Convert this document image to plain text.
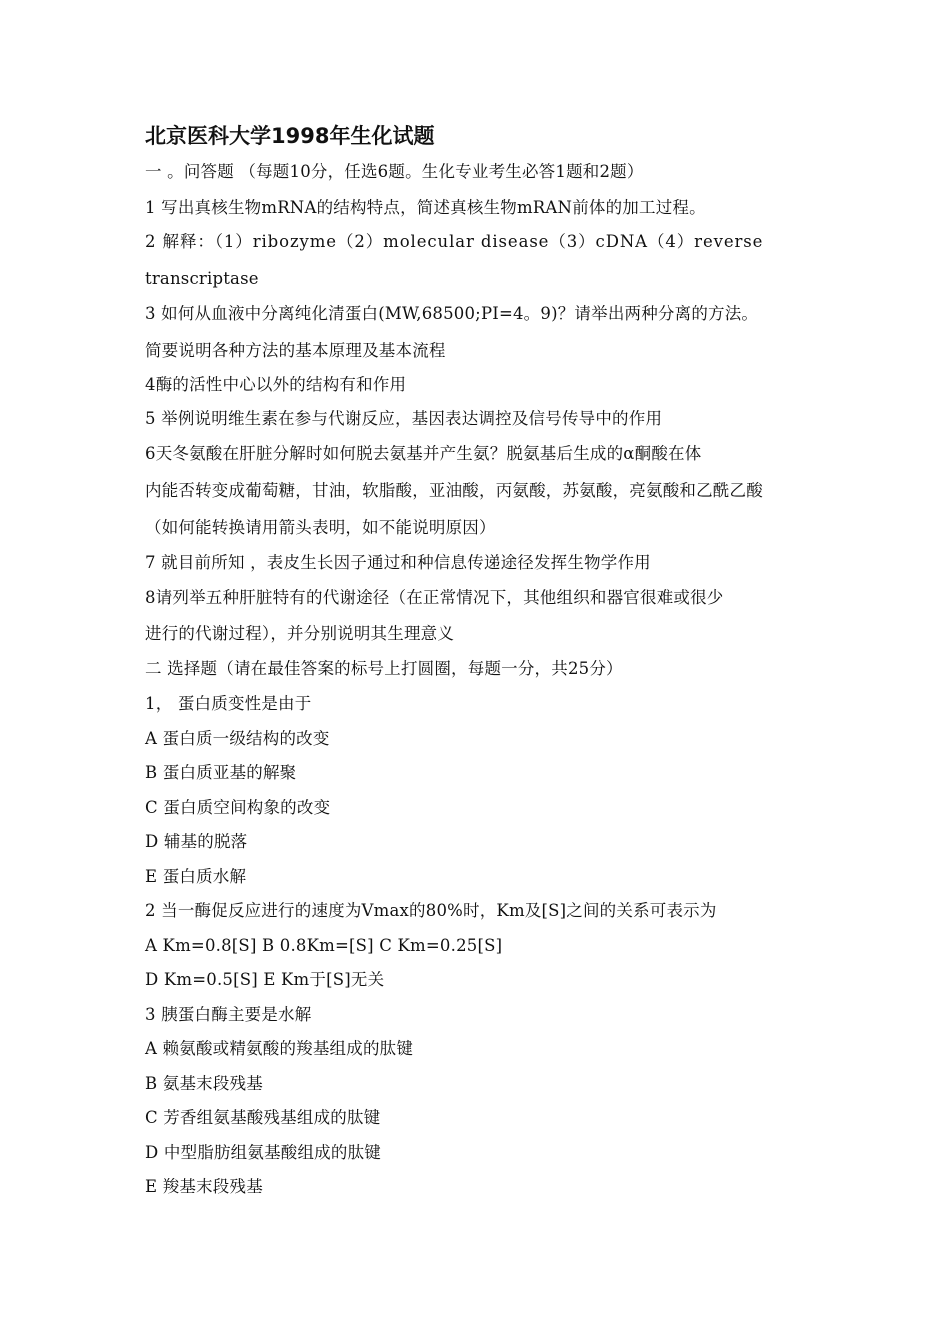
北京医科大学1998年生化试题
一 。问答题 （每题10分，任选6题。生化专业考生必答1题和2题）
1 写出真核生物mRNA的结构特点，简述真核生物mRAN前体的加工过程。
2 解释：（1）ribozyme（2）molecular disease（3）cDNA（4）reverse
transcriptase
3 如何从血液中分离纯化清蛋白(MW,68500;PI=4。9)？请举出两种分离的方法。
简要说明各种方法的基本原理及基本流程
4酶的活性中心以外的结构有和作用
5 举例说明维生素在参与代谢反应，基因表达调控及信号传导中的作用
6天冬氨酸在肝脏分解时如何脱去氨基并产生氨？脱氨基后生成的α酮酸在体
内能否转变成葡萄糖，甘油，软脂酸，亚油酸，丙氨酸，苏氨酸，亮氨酸和乙酰乙酸
（如何能转换请用箭头表明，如不能说明原因）
7 就目前所知 ，表皮生长因子通过和种信息传递途径发挥生物学作用
8请列举五种肝脏特有的代谢途径（在正常情况下，其他组织和器官很难或很少
进行的代谢过程），并分别说明其生理意义
二 选择题（请在最佳答案的标号上打圆圈，每题一分，共25分）
1， 蛋白质变性是由于
A 蛋白质一级结构的改变
B 蛋白质亚基的解聚
C 蛋白质空间构象的改变
D 辅基的脱落
E 蛋白质水解
2 当一酶促反应进行的速度为Vmax的80%时，Km及[S]之间的关系可表示为
A Km=0.8[S] B 0.8Km=[S] C Km=0.25[S]
D Km=0.5[S] E Km于[S]无关
3 胰蛋白酶主要是水解
A 赖氨酸或精氨酸的羧基组成的肽键
B 氨基末段残基
C 芳香组氨基酸残基组成的肽键
D 中型脂肪组氨基酸组成的肽键
E 羧基末段残基
